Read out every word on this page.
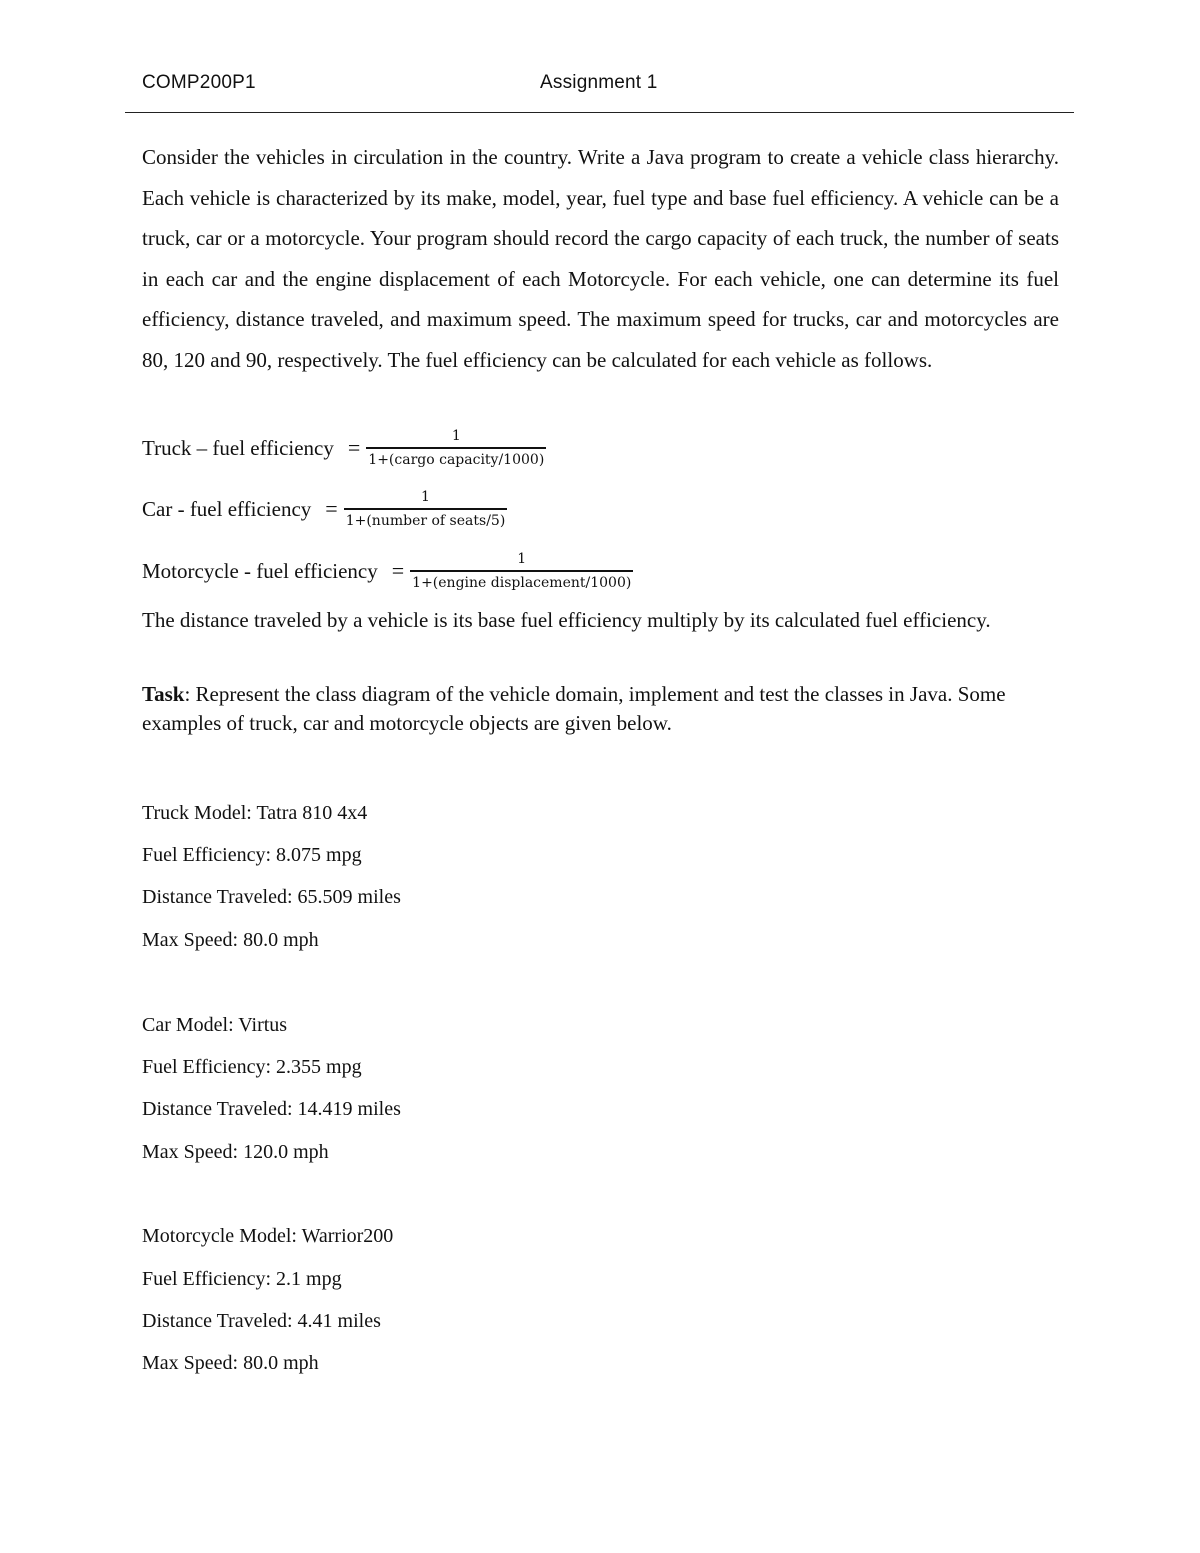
COMP200P1	Assignment 1

Consider the vehicles in circulation in the country. Write a Java program to create a vehicle class hierarchy. Each vehicle is characterized by its make, model, year, fuel type and base fuel efficiency. A vehicle can be a truck, car or a motorcycle. Your program should record the cargo capacity of each truck, the number of seats in each car and the engine displacement of each Motorcycle. For each vehicle, one can determine its fuel efficiency, distance traveled, and maximum speed. The maximum speed for trucks, car and motorcycles are 80, 120 and 90, respectively. The fuel efficiency can be calculated for each vehicle as follows.

Truck – fuel efficiency = $\frac{1}{\text{1+(cargo capacity/1000)}}$
Car - fuel efficiency = $\frac{1}{\text{1+(number of seats/5)}}$
Motorcycle - fuel efficiency = $\frac{1}{\text{1+(engine displacement/1000)}}$

The distance traveled by a vehicle is its base fuel efficiency multiply by its calculated fuel efficiency.

Task: Represent the class diagram of the vehicle domain, implement and test the classes in Java. Some examples of truck, car and motorcycle objects are given below.

Truck Model: Tatra 810 4x4
Fuel Efficiency: 8.075 mpg
Distance Traveled: 65.509 miles
Max Speed: 80.0 mph
Car Model: Virtus
Fuel Efficiency: 2.355 mpg
Distance Traveled: 14.419 miles
Max Speed: 120.0 mph
Motorcycle Model: Warrior200
Fuel Efficiency: 2.1 mpg
Distance Traveled: 4.41 miles
Max Speed: 80.0 mph
